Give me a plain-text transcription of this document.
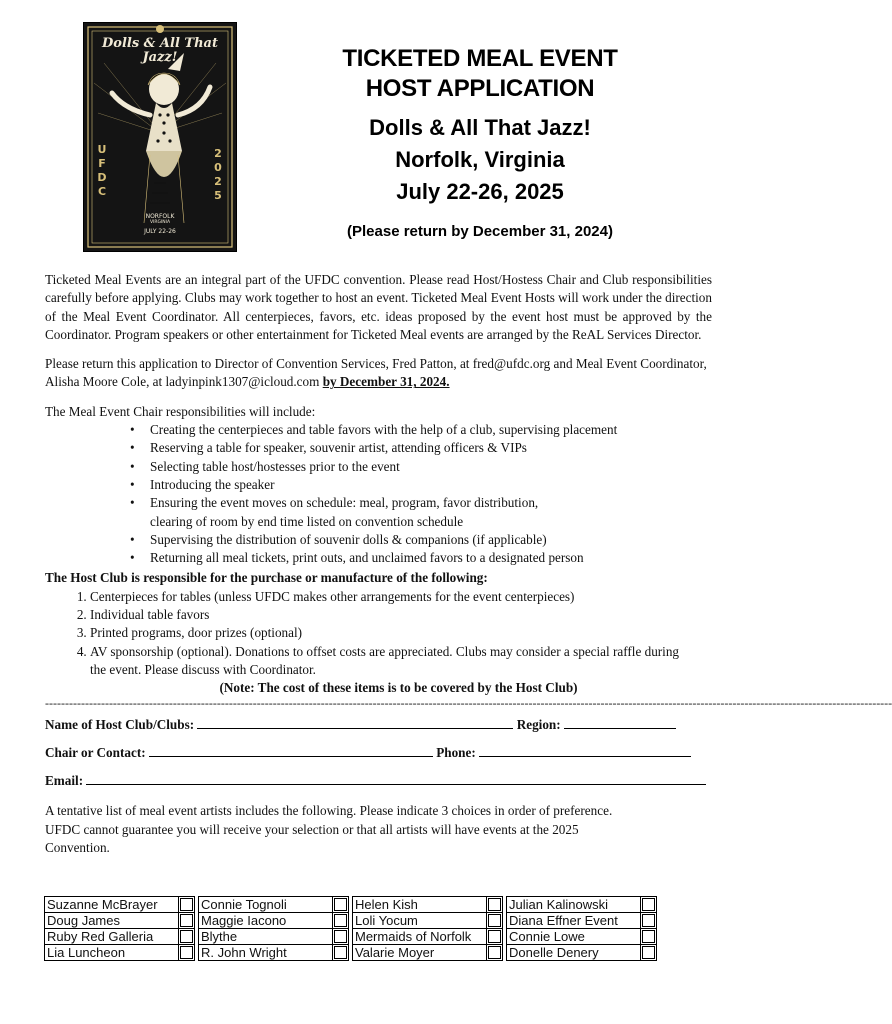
Dolls & All That Jazz!
UFDC
2025
NORFOLK
VIRGINIA
JULY 22-26
TICKETED MEAL EVENT
HOST APPLICATION
Dolls & All That Jazz!
Norfolk, Virginia
July 22-26, 2025
(Please return by December 31, 2024)

Ticketed Meal Events are an integral part of the UFDC convention. Please read Host/Hostess Chair and Club responsibilities carefully before applying. Clubs may work together to host an event. Ticketed Meal Event Hosts will work under the direction of the Meal Event Coordinator. All centerpieces, favors, etc. ideas proposed by the event host must be approved by the Coordinator. Program speakers or other entertainment for Ticketed Meal events are arranged by the ReAL Services Director.

Please return this application to Director of Convention Services, Fred Patton, at fred@ufdc.org and Meal Event Coordinator, Alisha Moore Cole, at ladyinpink1307@icloud.com by December 31, 2024.

The Meal Event Chair responsibilities will include:

• Creating the centerpieces and table favors with the help of a club, supervising placement
• Reserving a table for speaker, souvenir artist, attending officers & VIPs
• Selecting table host/hostesses prior to the event
• Introducing the speaker
• Ensuring the event moves on schedule: meal, program, favor distribution, clearing of room by end time listed on convention schedule
• Supervising the distribution of souvenir dolls & companions (if applicable)
• Returning all meal tickets, print outs, and unclaimed favors to a designated person

The Host Club is responsible for the purchase or manufacture of the following:

1. Centerpieces for tables (unless UFDC makes other arrangements for the event centerpieces)
2. Individual table favors
3. Printed programs, door prizes (optional)
4. AV sponsorship (optional). Donations to offset costs are appreciated. Clubs may consider a special raffle during the event. Please discuss with Coordinator.

(Note: The cost of these items is to be covered by the Host Club)

--------------------------------------------------------------------------------------------------------------------------------------------------------------------------------------------------------------------
Name of Host Club/Clubs:	Region:
Chair or Contact:	Phone:
Email:

A tentative list of meal event artists includes the following. Please indicate 3 choices in order of preference. UFDC cannot guarantee you will receive your selection or that all artists will have events at the 2025 Convention.

Suzanne McBrayer			Connie Tognoli			Helen Kish			Julian Kalinowski	

Doug James			Maggie Iacono			Loli Yocum			Diana Effner Event	

Ruby Red Galleria			Blythe			Mermaids of Norfolk			Connie Lowe	

Lia Luncheon			R. John Wright			Valarie Moyer			Donelle Denery	
